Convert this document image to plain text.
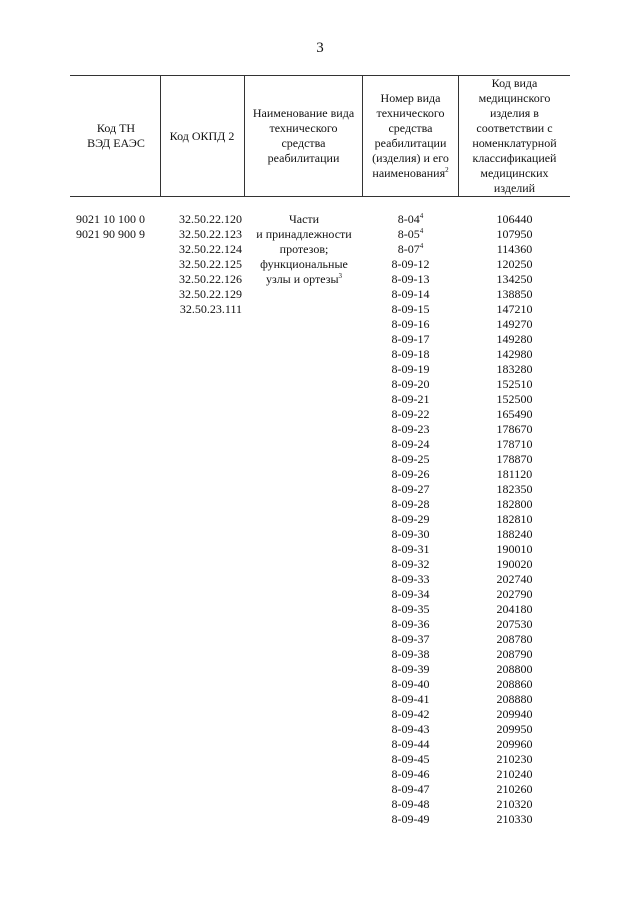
3
Код ТН ВЭД ЕАЭС
Код ОКПД 2
Наименование вида технического средства реабилитации
Номер вида технического средства реабилитации (изделия) и его наименования$^2$
Код вида медицинского изделия в соответствии с номенклатурной классификацией медицинских изделий
9021 10 100 0
9021 90 900 9
32.50.22.120
32.50.22.123
32.50.22.124
32.50.22.125
32.50.22.126
32.50.22.129
32.50.23.111
Части
и принадлежности
протезов;
функциональные
узлы и ортезы$^3$
$8-04^4$
$8-05^4$
$8-07^4$
8-09-12
8-09-13
8-09-14
8-09-15
8-09-16
8-09-17
8-09-18
8-09-19
8-09-20
8-09-21
8-09-22
8-09-23
8-09-24
8-09-25
8-09-26
8-09-27
8-09-28
8-09-29
8-09-30
8-09-31
8-09-32
8-09-33
8-09-34
8-09-35
8-09-36
8-09-37
8-09-38
8-09-39
8-09-40
8-09-41
8-09-42
8-09-43
8-09-44
8-09-45
8-09-46
8-09-47
8-09-48
8-09-49
106440
107950
114360
120250
134250
138850
147210
149270
149280
142980
183280
152510
152500
165490
178670
178710
178870
181120
182350
182800
182810
188240
190010
190020
202740
202790
204180
207530
208780
208790
208800
208860
208880
209940
209950
209960
210230
210240
210260
210320
210330
